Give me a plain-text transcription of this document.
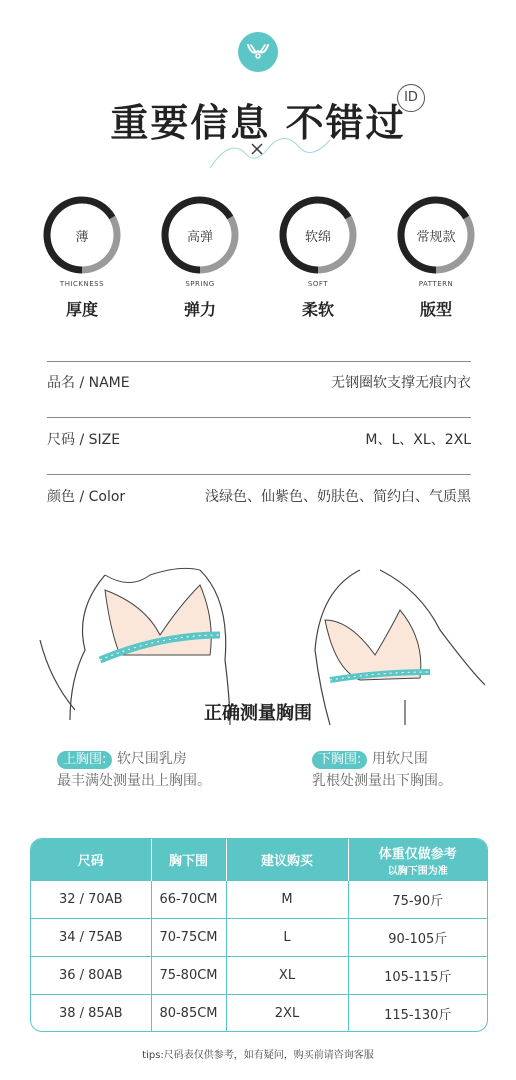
重要信息 不错过
ID
薄
THICKNESS
厚度
高弹
SPRING
弹力
软绵
SOFT
柔软
常规款
PATTERN
版型
品名 / NAME	无钢圈软支撑无痕内衣
尺码 / SIZE	M、L、XL、2XL
颜色 / Color	浅绿色、仙紫色、奶肤色、简约白、气质黑
正确测量胸围
上胸围: 软尺围乳房
最丰满处测量出上胸围。
下胸围: 用软尺围
乳根处测量出下胸围。
尺码	胸下围	建议购买	体重仅做参考
以胸下围为准

32 / 70AB	66-70CM	M	75-90斤
34 / 75AB	70-75CM	L	90-105斤
36 / 80AB	75-80CM	XL	105-115斤
38 / 85AB	80-85CM	2XL	115-130斤
tips:尺码表仅供参考，如有疑问，购买前请咨询客服
